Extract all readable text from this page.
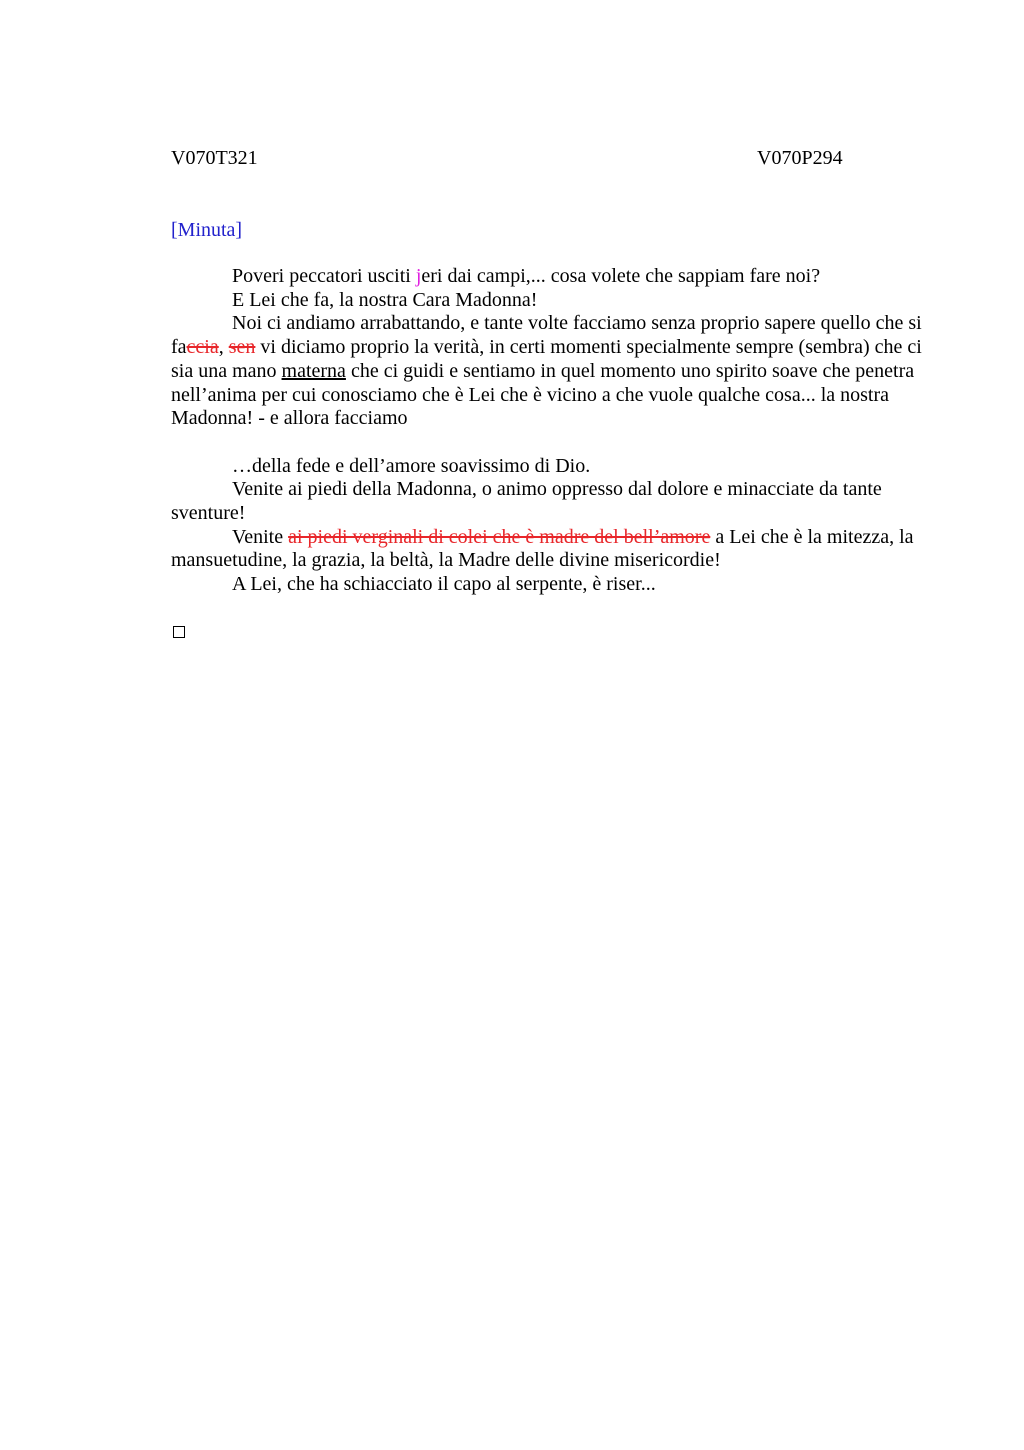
V070T321	V070P294
[Minuta]

Poveri peccatori usciti jeri dai campi,... cosa volete che sappiam fare noi?

E Lei che fa, la nostra Cara Madonna!

Noi ci andiamo arrabattando, e tante volte facciamo senza proprio sapere quello che si faccia, sen vi diciamo proprio la verità, in certi momenti specialmente sempre (sembra) che ci sia una mano materna che ci guidi e sentiamo in quel momento uno spirito soave che penetra nell’anima per cui conosciamo che è Lei che è vicino a che vuole qualche cosa... la nostra Madonna! - e allora facciamo

…della fede e dell’amore soavissimo di Dio.

Venite ai piedi della Madonna, o animo oppresso dal dolore e minacciate da tante sventure!

Venite ai piedi verginali di colei che è madre del bell’amore a Lei che è la mitezza, la mansuetudine, la grazia, la beltà, la Madre delle divine misericordie!

A Lei, che ha schiacciato il capo al serpente, è riser...
